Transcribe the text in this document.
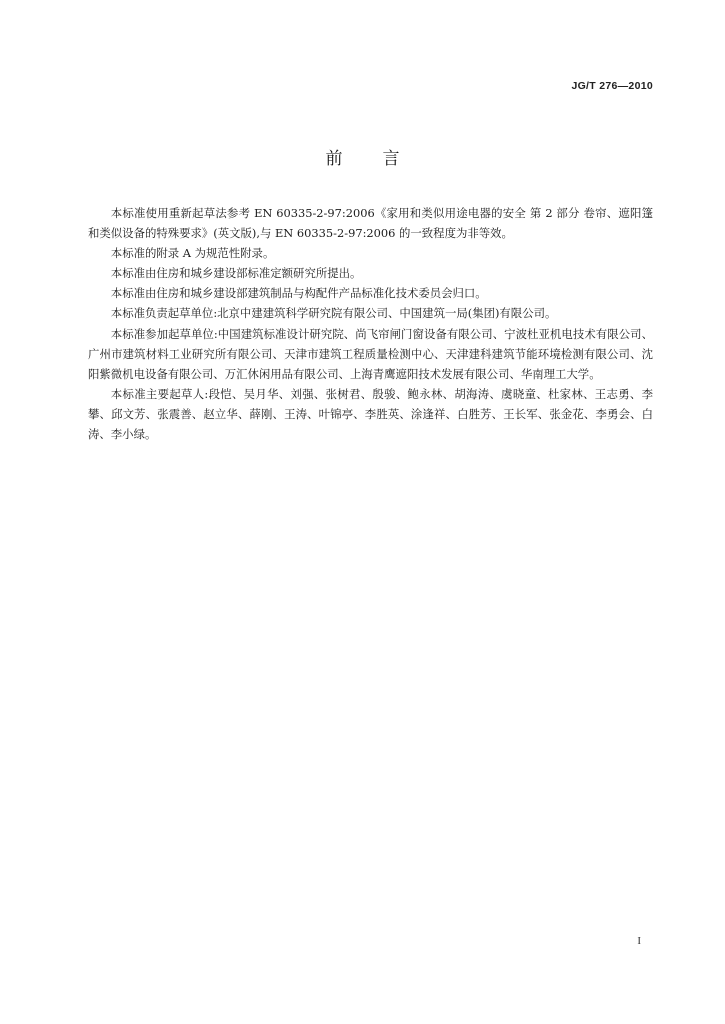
JG/T 276—2010
前言

本标准使用重新起草法参考 EN 60335-2-97:2006《家用和类似用途电器的安全 第 2 部分 卷帘、遮阳篷和类似设备的特殊要求》(英文版),与 EN 60335-2-97:2006 的一致程度为非等效。

本标准的附录 A 为规范性附录。

本标准由住房和城乡建设部标准定额研究所提出。

本标准由住房和城乡建设部建筑制品与构配件产品标准化技术委员会归口。

本标准负责起草单位:北京中建建筑科学研究院有限公司、中国建筑一局(集团)有限公司。

本标准参加起草单位:中国建筑标准设计研究院、尚飞帘闸门窗设备有限公司、宁波杜亚机电技术有限公司、广州市建筑材料工业研究所有限公司、天津市建筑工程质量检测中心、天津建科建筑节能环境检测有限公司、沈阳紫微机电设备有限公司、万汇休闲用品有限公司、上海青鹰遮阳技术发展有限公司、华南理工大学。

本标准主要起草人:段恺、吴月华、刘强、张树君、殷骏、鲍永林、胡海涛、虞晓童、杜家林、王志勇、李攀、邱文芳、张震善、赵立华、薛刚、王涛、叶锦亭、李胜英、涂逢祥、白胜芳、王长军、张金花、李勇会、白涛、李小绿。

I
